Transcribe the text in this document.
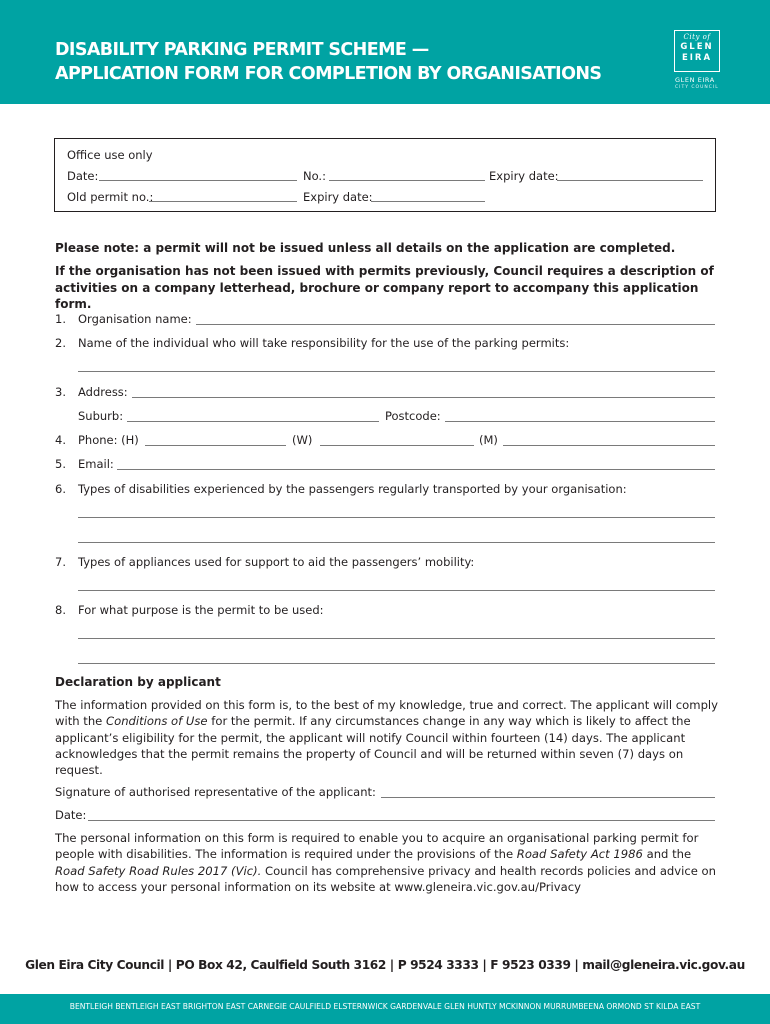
DISABILITY PARKING PERMIT SCHEME —
APPLICATION FORM FOR COMPLETION BY ORGANISATIONS
City of
GLEN
EIRA
GLEN EIRA
CITY COUNCIL
Office use only
Date:	No.:	Expiry date:
Old permit no.:	Expiry date:
Please note: a permit will not be issued unless all details on the application are completed.
If the organisation has not been issued with permits previously, Council requires a description of activities on a company letterhead, brochure or company report to accompany this application form.
1. Organisation name:
2. Name of the individual who will take responsibility for the use of the parking permits:
3. Address:
Suburb:	Postcode:
4. Phone: (H)	(W)	(M)
5. Email:
6. Types of disabilities experienced by the passengers regularly transported by your organisation:
7. Types of appliances used for support to aid the passengers’ mobility:
8. For what purpose is the permit to be used:
Declaration by applicant
The information provided on this form is, to the best of my knowledge, true and correct. The applicant will comply with the Conditions of Use for the permit. If any circumstances change in any way which is likely to affect the applicant’s eligibility for the permit, the applicant will notify Council within fourteen (14) days. The applicant acknowledges that the permit remains the property of Council and will be returned within seven (7) days on request.
Signature of authorised representative of the applicant:
Date:
The personal information on this form is required to enable you to acquire an organisational parking permit for people with disabilities. The information is required under the provisions of the Road Safety Act 1986 and the Road Safety Road Rules 2017 (Vic). Council has comprehensive privacy and health records policies and advice on how to access your personal information on its website at www.gleneira.vic.gov.au/Privacy
Glen Eira City Council | PO Box 42, Caulfield South 3162 | P 9524 3333 | F 9523 0339 | mail@gleneira.vic.gov.au
BENTLEIGH BENTLEIGH EAST BRIGHTON EAST CARNEGIE CAULFIELD ELSTERNWICK GARDENVALE GLEN HUNTLY MCKINNON MURRUMBEENA ORMOND ST KILDA EAST
